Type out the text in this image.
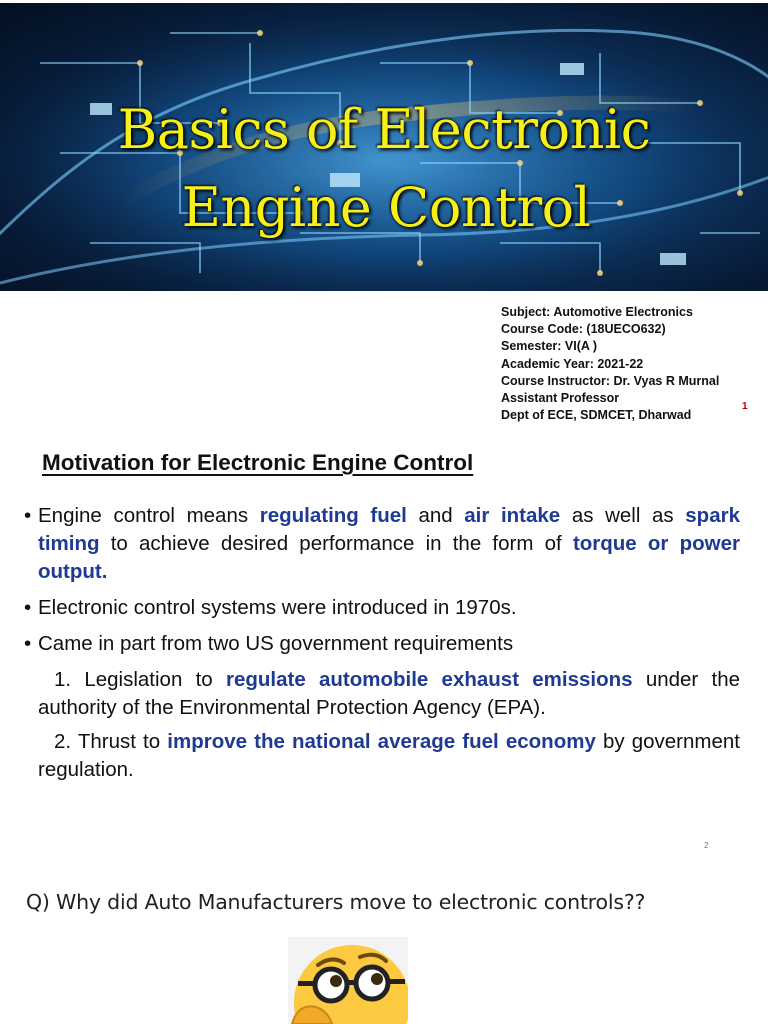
Basics of Electronic

Engine Control
Subject: Automotive Electronics
Course Code: (18UECO632)
Semester: VI(A )
Academic Year: 2021-22
Course Instructor: Dr. Vyas R Murnal
Assistant Professor
Dept of ECE, SDMCET, Dharwad
1
Motivation for Electronic Engine Control
• Engine control means regulating fuel and air intake as well as spark timing to achieve desired performance in the form of torque or power output.
• Electronic control systems were introduced in 1970s.
• Came in part from two US government requirements
1. Legislation to regulate automobile exhaust emissions under the authority of the Environmental Protection Agency (EPA).
2. Thrust to improve the national average fuel economy by government regulation.
2
Q) Why did Auto Manufacturers move to electronic controls??
